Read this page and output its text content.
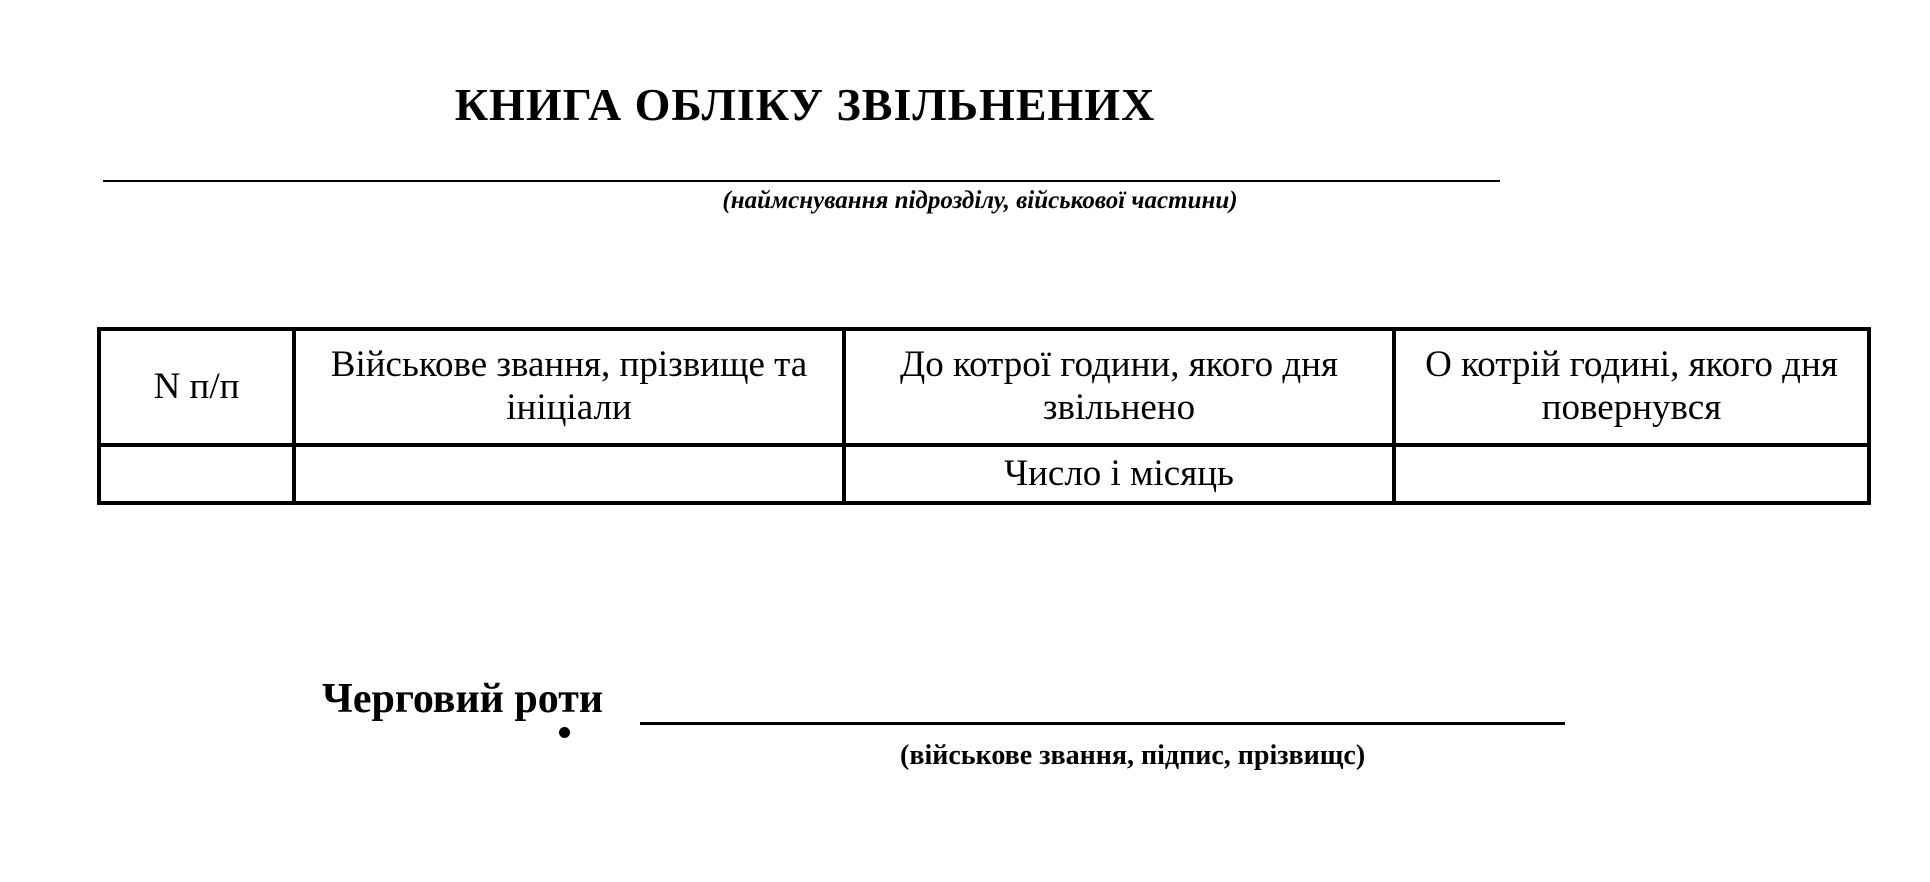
КНИГА ОБЛІКУ ЗВІЛЬНЕНИХ
(наймснування підрозділу, військової частини)
N п/п	Військове звання, прізвище та ініціали	До котрої години, якого дня звільнено	О котрій годині, якого дня повернувся
		Число і місяць	
Черговий роти
(військове звання, підпис, прізвищс)
